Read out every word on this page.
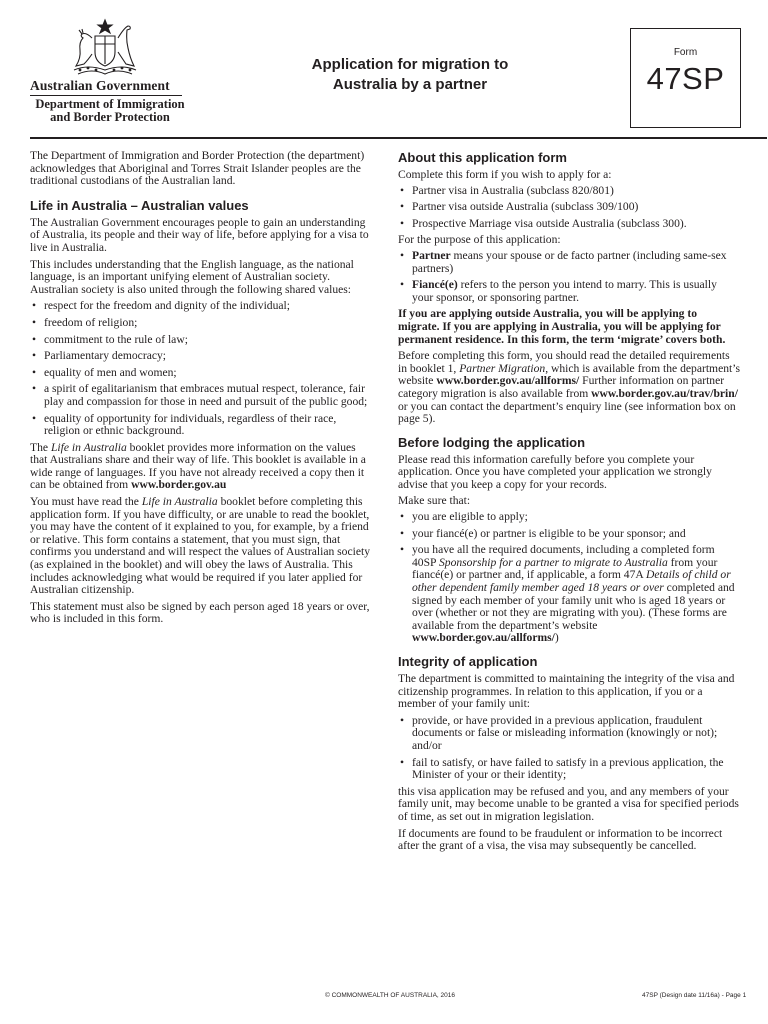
Australian Government
Department of Immigration
and Border Protection
Application for migration to
Australia by a partner
Form
47SP

The Department of Immigration and Border Protection (the department) acknowledges that Aboriginal and Torres Strait Islander peoples are the traditional custodians of the Australian land.

Life in Australia – Australian values

The Australian Government encourages people to gain an understanding of Australia, its people and their way of life, before applying for a visa to live in Australia.

This includes understanding that the English language, as the national language, is an important unifying element of Australian society. Australian society is also united through the following shared values:

• respect for the freedom and dignity of the individual;
• freedom of religion;
• commitment to the rule of law;
• Parliamentary democracy;
• equality of men and women;
• a spirit of egalitarianism that embraces mutual respect, tolerance, fair play and compassion for those in need and pursuit of the public good;
• equality of opportunity for individuals, regardless of their race, religion or ethnic background.

The Life in Australia booklet provides more information on the values that Australians share and their way of life. This booklet is available in a wide range of languages. If you have not already received a copy then it can be obtained from www.border.gov.au

You must have read the Life in Australia booklet before completing this application form. If you have difficulty, or are unable to read the booklet, you may have the content of it explained to you, for example, by a friend or relative. This form contains a statement, that you must sign, that confirms you understand and will respect the values of Australian society (as explained in the booklet) and will obey the laws of Australia. This includes acknowledging what would be required if you later applied for Australian citizenship.

This statement must also be signed by each person aged 18 years or over, who is included in this form.

About this application form

Complete this form if you wish to apply for a:

• Partner visa in Australia (subclass 820/801)
• Partner visa outside Australia (subclass 309/100)
• Prospective Marriage visa outside Australia (subclass 300).

For the purpose of this application:

• Partner means your spouse or de facto partner (including same-sex partners)
• Fiancé(e) refers to the person you intend to marry. This is usually your sponsor, or sponsoring partner.

If you are applying outside Australia, you will be applying to migrate. If you are applying in Australia, you will be applying for permanent residence. In this form, the term ‘migrate’ covers both.

Before completing this form, you should read the detailed requirements in booklet 1, Partner Migration, which is available from the department’s website www.border.gov.au/allforms/ Further information on partner category migration is also available from www.border.gov.au/trav/brin/ or you can contact the department’s enquiry line (see information box on page 5).

Before lodging the application

Please read this information carefully before you complete your application. Once you have completed your application we strongly advise that you keep a copy for your records.

Make sure that:

• you are eligible to apply;
• your fiancé(e) or partner is eligible to be your sponsor; and
• you have all the required documents, including a completed form 40SP Sponsorship for a partner to migrate to Australia from your fiancé(e) or partner and, if applicable, a form 47A Details of child or other dependent family member aged 18 years or over completed and signed by each member of your family unit who is aged 18 years or over (whether or not they are migrating with you). (These forms are available from the department’s website www.border.gov.au/allforms/)
Integrity of application

The department is committed to maintaining the integrity of the visa and citizenship programmes. In relation to this application, if you or a member of your family unit:

• provide, or have provided in a previous application, fraudulent documents or false or misleading information (knowingly or not); and/or
• fail to satisfy, or have failed to satisfy in a previous application, the Minister of your or their identity;

this visa application may be refused and you, and any members of your family unit, may become unable to be granted a visa for specified periods of time, as set out in migration legislation.

If documents are found to be fraudulent or information to be incorrect after the grant of a visa, the visa may subsequently be cancelled.

© COMMONWEALTH OF AUSTRALIA, 2016	47SP (Design date 11/16a) - Page 1
